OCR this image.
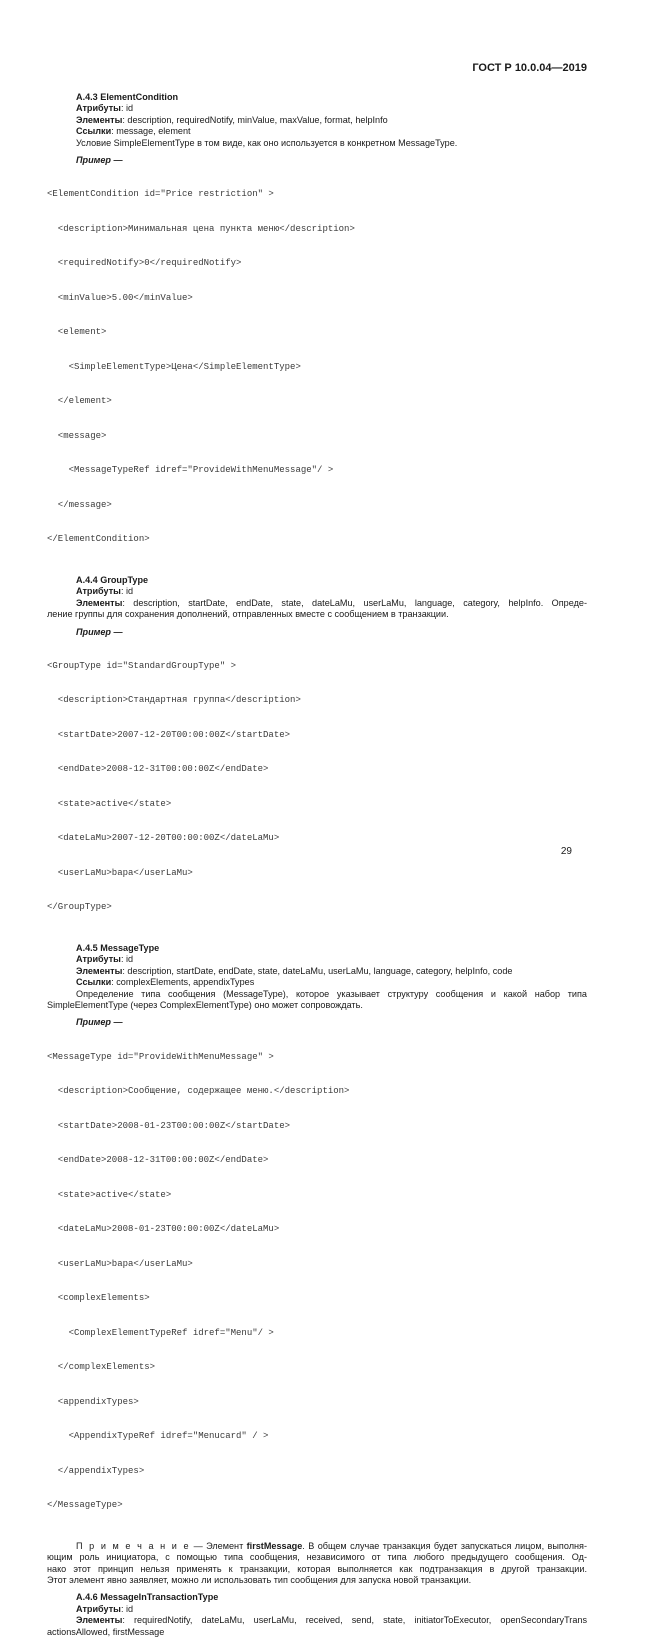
ГОСТ Р 10.0.04—2019
А.4.3 ElementCondition
Атрибуты: id
Элементы: description, requiredNotify, minValue, maxValue, format, helpInfo
Ссылки: message, element
Условие SimpleElementType в том виде, как оно используется в конкретном MessageType.
Пример —

<ElementCondition id="Price restriction" >

<description>Минимальная цена пункта меню</description>

<requiredNotify>0</requiredNotify>

<minValue>5.00</minValue>

<element>

<SimpleElementType>Цена</SimpleElementType>

</element>

<message>

<MessageTypeRef idref="ProvideWithMenuMessage"/ >

</message>

</ElementCondition>

А.4.4 GroupType
Атрибуты: id
Элементы: description, startDate, endDate, state, dateLaMu, userLaMu, language, category, helpInfo. Опреде-
ление группы для сохранения дополнений, отправленных вместе с сообщением в транзакции.
Пример —

<GroupType id="StandardGroupType" >

<description>Стандартная группа</description>

<startDate>2007-12-20T00:00:00Z</startDate>

<endDate>2008-12-31T00:00:00Z</endDate>

<state>active</state>

<dateLaMu>2007-12-20T00:00:00Z</dateLaMu>

<userLaMu>bapa</userLaMu>

</GroupType>

А.4.5 MessageType
Атрибуты: id
Элементы: description, startDate, endDate, state, dateLaMu, userLaMu, language, category, helpInfo, code
Ссылки: complexElements, appendixTypes
Определение типа сообщения (MessageType), которое указывает структуру сообщения и какой набор типа
SimpleElementType (через ComplexElementType) оно может сопровождать.
Пример —

<MessageType id="ProvideWithMenuMessage" >

<description>Сообщение, содержащее меню.</description>

<startDate>2008-01-23T00:00:00Z</startDate>

<endDate>2008-12-31T00:00:00Z</endDate>

<state>active</state>

<dateLaMu>2008-01-23T00:00:00Z</dateLaMu>

<userLaMu>bapa</userLaMu>

<complexElements>

<ComplexElementTypeRef idref="Menu"/ >

</complexElements>

<appendixTypes>

<AppendixTypeRef idref="Menucard" / >

</appendixTypes>

</MessageType>

П р и м е ч а н и е — Элемент firstMessage. В общем случае транзакция будет запускаться лицом, выполня-
ющим роль инициатора, с помощью типа сообщения, независимого от типа любого предыдущего сообщения. Од-
нако этот принцип нельзя применять к транзакции, которая выполняется как подтранзакция в другой транзакции.
Этот элемент явно заявляет, можно ли использовать тип сообщения для запуска новой транзакции.
А.4.6 MessageInTransactionType
Атрибуты: id
Элементы: requiredNotify, dateLaMu, userLaMu, received, send, state, initiatorToExecutor, openSecondaryTrans
actionsAllowed, firstMessage
29
